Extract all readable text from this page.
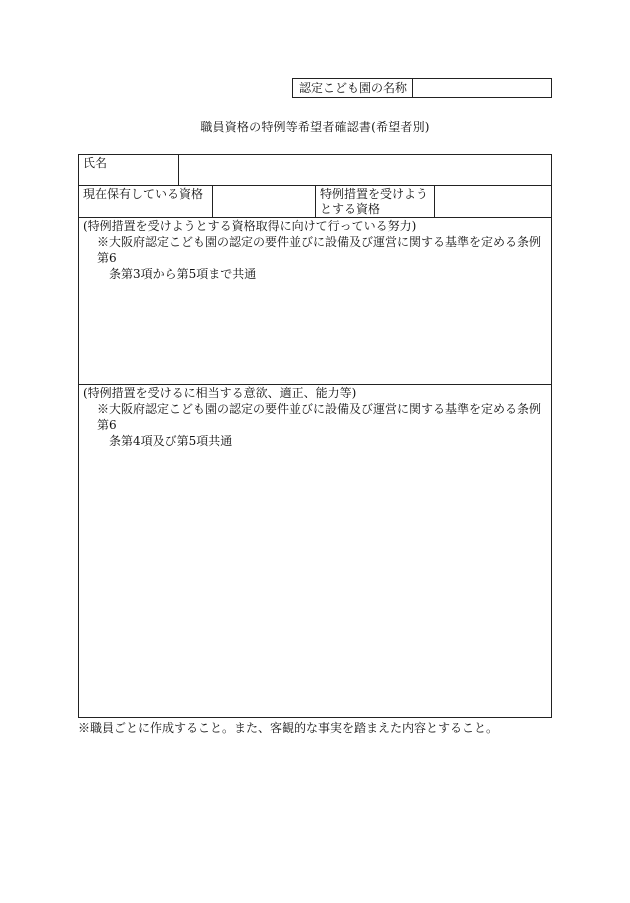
認定こども園の名称
職員資格の特例等希望者確認書(希望者別)
氏名
現在保有している資格	特例措置を受けようとする資格
(特例措置を受けようとする資格取得に向けて行っている努力)
※大阪府認定こども園の認定の要件並びに設備及び運営に関する基準を定める条例第6
条第3項から第5項まで共通
(特例措置を受けるに相当する意欲、適正、能力等)
※大阪府認定こども園の認定の要件並びに設備及び運営に関する基準を定める条例第6
条第4項及び第5項共通
※職員ごとに作成すること。また、客観的な事実を踏まえた内容とすること。
